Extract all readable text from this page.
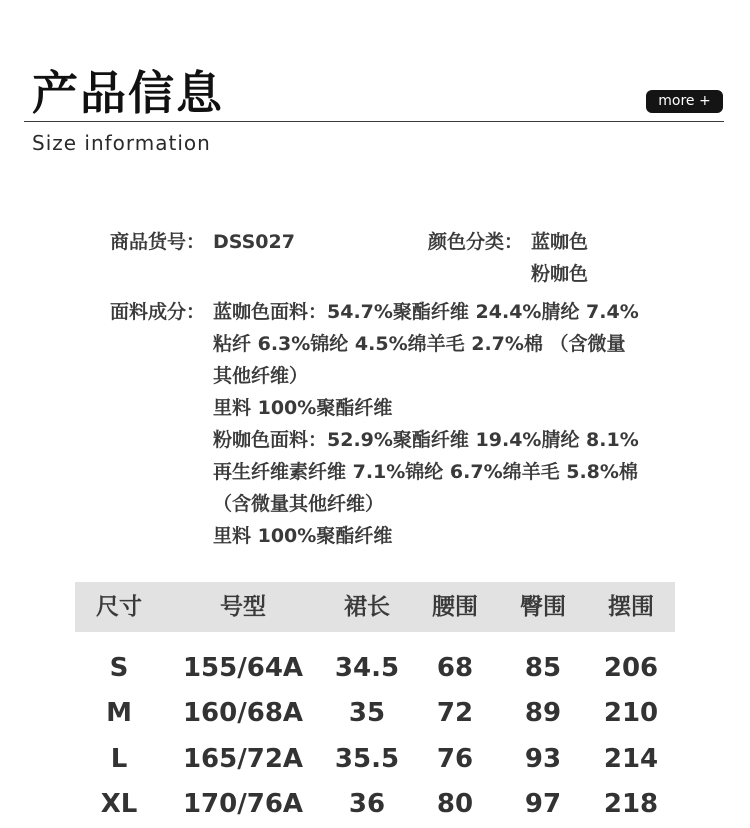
产品信息	more +
Size information
商品货号： DSS027	颜色分类： 蓝咖色
粉咖色
面料成分： 蓝咖色面料：54.7%聚酯纤维 24.4%腈纶 7.4%
粘纤 6.3%锦纶 4.5%绵羊毛 2.7%棉 （含微量
其他纤维）
里料 100%聚酯纤维
粉咖色面料：52.9%聚酯纤维 19.4%腈纶 8.1%
再生纤维素纤维 7.1%锦纶 6.7%绵羊毛 5.8%棉
（含微量其他纤维）
里料 100%聚酯纤维
尺寸	号型	裙长	腰围	臀围	摆围
S	155/64A	34.5	68	85	206
M	160/68A	35	72	89	210
L	165/72A	35.5	76	93	214
XL	170/76A	36	80	97	218
